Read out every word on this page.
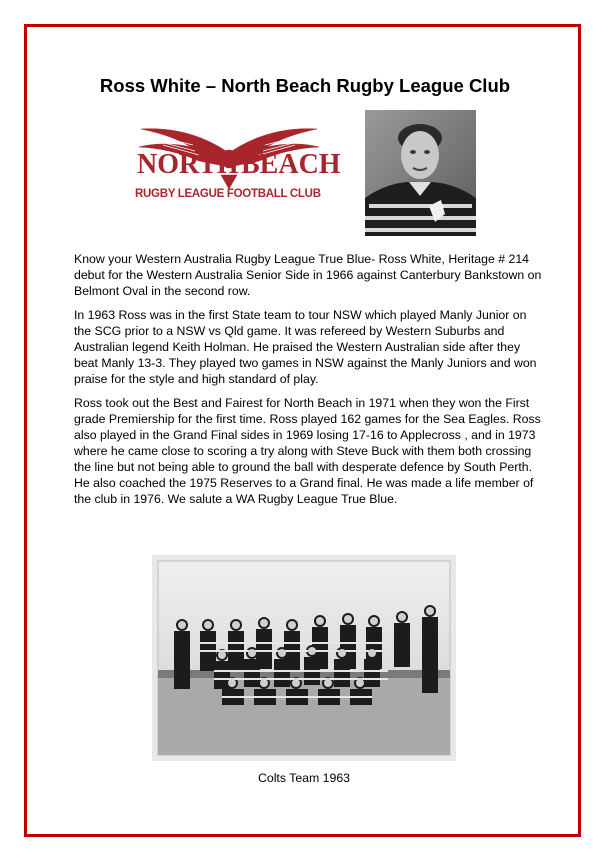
Ross White – North Beach Rugby League Club
NORTH BEACH
RUGBY LEAGUE FOOTBALL CLUB

Know your Western Australia Rugby League True Blue- Ross White, Heritage # 214 debut for the Western Australia Senior Side in 1966 against Canterbury Bankstown on Belmont Oval in the second row.

In 1963 Ross was in the first State team to tour NSW which played Manly Junior on the SCG prior to a NSW vs Qld game. It was refereed by Western Suburbs and Australian legend Keith Holman. He praised the Western Australian side after they beat Manly 13-3. They played two games in NSW against the Manly Juniors and won praise for the style and high standard of play.

Ross took out the Best and Fairest for North Beach in 1971 when they won the First grade Premiership for the first time. Ross played 162 games for the Sea Eagles. Ross also played in the Grand Final sides in 1969 losing 17-16 to Applecross , and in 1973 where he came close to scoring a try along with Steve Buck with them both crossing the line but not being able to ground the ball with desperate defence by South Perth. He also coached the 1975 Reserves to a Grand final. He was made a life member of the club in 1976. We salute a WA Rugby League True Blue.

Colts Team 1963
